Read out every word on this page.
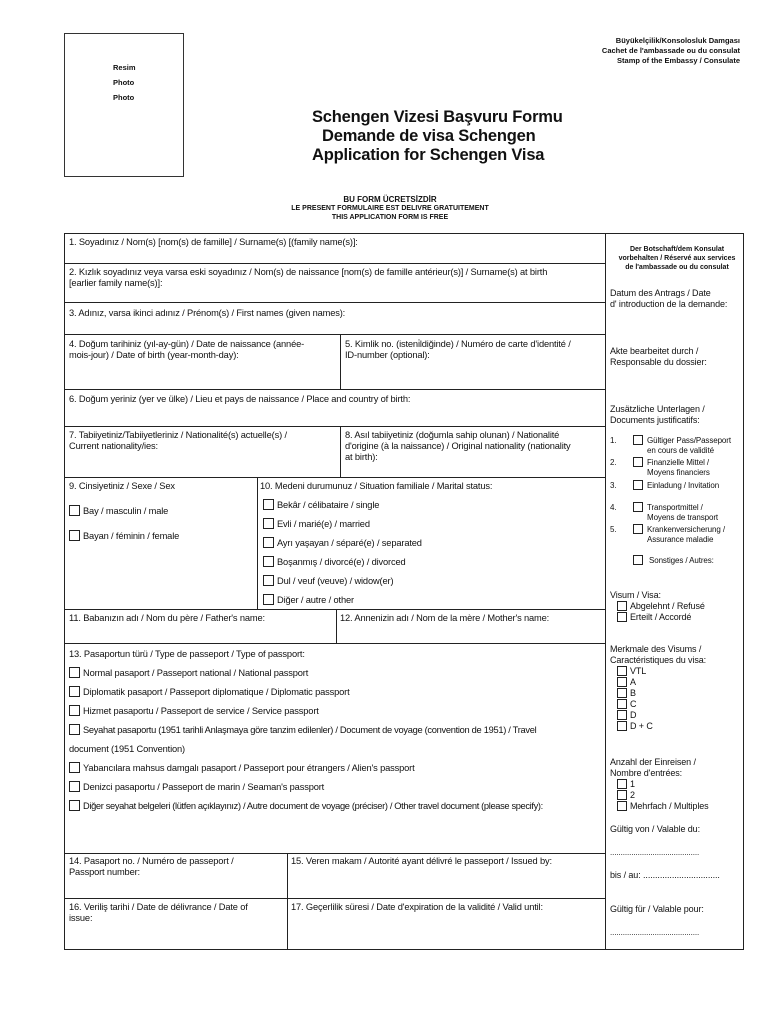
Resim
Photo
Photo
Büyükelçilik/Konsolosluk Damgası
Cachet de l'ambassade ou du consulat
Stamp of the Embassy / Consulate
Schengen Vizesi Başvuru Formu
Demande de visa Schengen
Application for Schengen Visa
BU FORM ÜCRETSİZDİR
LE PRESENT FORMULAIRE EST DELIVRE GRATUITEMENT
THIS APPLICATION FORM IS FREE
1. Soyadınız / Nom(s) [nom(s) de famille] / Surname(s) [(family name(s)]:
2. Kızlık soyadınız veya varsa eski soyadınız / Nom(s) de naissance [nom(s) de famille antérieur(s)] / Surname(s) at birth
[earlier family name(s)]:
3. Adınız, varsa ikinci adınız / Prénom(s) / First names (given names):
4. Doğum tarihiniz (yıl-ay-gün) / Date de naissance (année-
mois-jour) / Date of birth (year-month-day):
5. Kimlik no. (isteni̇ldiğinde) / Numéro de carte d'identité /
ID-number (optional):
6. Doğum yeriniz (yer ve ülke) / Lieu et pays de naissance / Place and country of birth:
7. Tabiiyetiniz/Tabiiyetleriniz / Nationalité(s) actuelle(s) /
Current nationality/ies:
8. Asıl tabiiyetiniz (doğumla sahip olunan) / Nationalité
d'origine (à la naissance) / Original nationality (nationality
at birth):
9. Cinsiyetiniz / Sexe / Sex	10. Medeni durumunuz / Situation familiale / Marital status:
11. Babanızın adı / Nom du père / Father's name:	12. Annenizin adı / Nom de la mère / Mother's name:
13. Pasaportun türü / Type de passeport / Type of passport:
14. Pasaport no. / Numéro de passeport /
Passport number:
15. Veren makam / Autorité ayant délivré le passeport / Issued by:
16. Veriliş tarihi / Date de délivrance / Date of
issue:
17. Geçerlilik süresi / Date d'expiration de la validité / Valid until:
Bay / masculin / male
Bayan / féminin / female
Bekâr / célibataire / single
Evli / marié(e) / married
Ayrı yaşayan / séparé(e) / separated
Boşanmış / divorcé(e) / divorced
Dul / veuf (veuve) / widow(er)
Diğer / autre / other
Normal pasaport / Passeport national / National passport
Diplomatik pasaport / Passeport diplomatique / Diplomatic passport
Hizmet pasaportu / Passeport de service / Service passport
Seyahat pasaportu (1951 tarihli Anlaşmaya göre tanzim edilenler) / Document de voyage (convention de 1951) / Travel
document (1951 Convention)
Yabancılara mahsus damgalı pasaport / Passeport pour étrangers / Alien's passport
Denizci pasaportu / Passeport de marin / Seaman's passport
Diğer seyahat belgeleri (lütfen açıklayınız) / Autre document de voyage (préciser) / Other travel document (please specify):
Der Botschaft/dem Konsulat
vorbehalten / Réservé aux services
de l'ambassade ou du consulat
Datum des Antrags / Date
d' introduction de la demande:
Akte bearbeitet durch /
Responsable du dossier:
Zusätzliche Unterlagen /
Documents justificatifs:
1.	Gültiger Pass/Passeport
en cours de validité
2.	Finanzielle Mittel /
Moyens financiers
3.	Einladung / Invitation
4.	Transportmittel /
Moyens de transport
5.	Krankenversicherung /
Assurance maladie
Sonstiges / Autres:
Visum / Visa:
Abgelehnt / Refusé
Erteilt / Accordé
Merkmale des Visums /
Caractéristiques du visa:
VTL
A
B
C
D
D + C
Anzahl der Einreisen /
Nombre d'entrées:
1
2
Mehrfach / Multiples
Gültig von / Valable du:
..........................................
bis / au: ................................
Gültig für / Valable pour:
..........................................
